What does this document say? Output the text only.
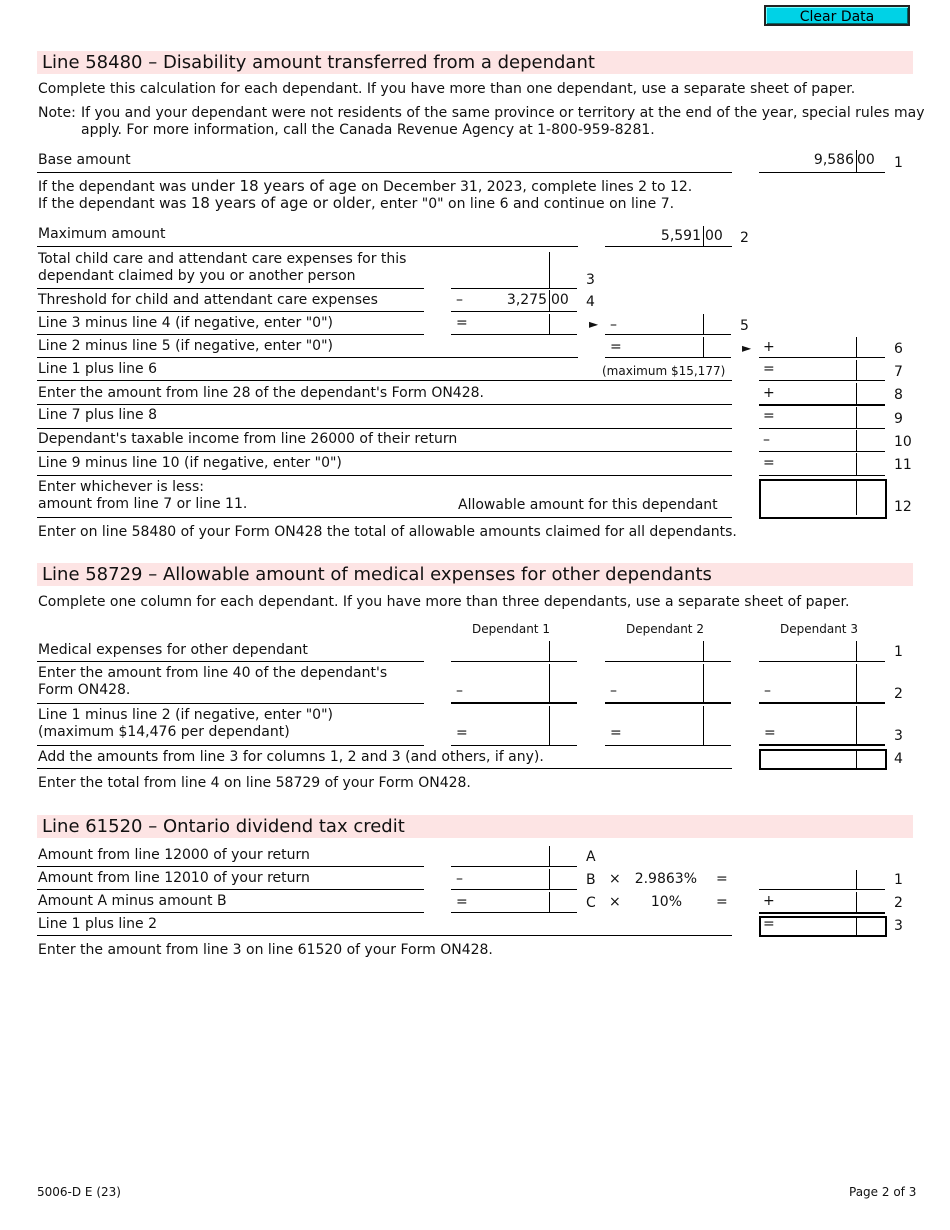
Clear Data
Line 58480 – Disability amount transferred from a dependant
Complete this calculation for each dependant. If you have more than one dependant, use a separate sheet of paper.
Note: If you and your dependant were not residents of the same province or territory at the end of the year, special rules may
apply. For more information, call the Canada Revenue Agency at 1-800-959-8281.
Base amount	9,586 00 1
If the dependant was under 18 years of age on December 31, 2023, complete lines 2 to 12.
If the dependant was 18 years of age or older, enter "0" on line 6 and continue on line 7.
Maximum amount	5,591 00	2
Total child care and attendant care expenses for this
dependant claimed by you or another person	3
Threshold for child and attendant care expenses	–	3,275 00 4
Line 3 minus line 4 (if negative, enter "0")	=	► –	5
Line 2 minus line 5 (if negative, enter "0")	=	► +	6
Line 1 plus line 6	(maximum $15,177)	=	7
Enter the amount from line 28 of the dependant's Form ON428.	+	8
Line 7 plus line 8	=	9
Dependant's taxable income from line 26000 of their return	–	10
Line 9 minus line 10 (if negative, enter "0")	=	11
Enter whichever is less:
amount from line 7 or line 11.	Allowable amount for this dependant	12
Enter on line 58480 of your Form ON428 the total of allowable amounts claimed for all dependants.
Line 58729 – Allowable amount of medical expenses for other dependants
Complete one column for each dependant. If you have more than three dependants, use a separate sheet of paper.
Dependant 1	Dependant 2	Dependant 3
Medical expenses for other dependant	1
Enter the amount from line 40 of the dependant's
Form ON428.	–	–	–	2
Line 1 minus line 2 (if negative, enter "0")
(maximum $14,476 per dependant)	=	=	=	3
Add the amounts from line 3 for columns 1, 2 and 3 (and others, if any).	4
Enter the total from line 4 on line 58729 of your Form ON428.
Line 61520 – Ontario dividend tax credit
Amount from line 12000 of your return	A
Amount from line 12010 of your return	–	B × 2.9863% =	1
Amount A minus amount B	=	C ×	10% =	+	2
Line 1 plus line 2	=	3
Enter the amount from line 3 on line 61520 of your Form ON428.
5006-D E (23)	Page 2 of 3
